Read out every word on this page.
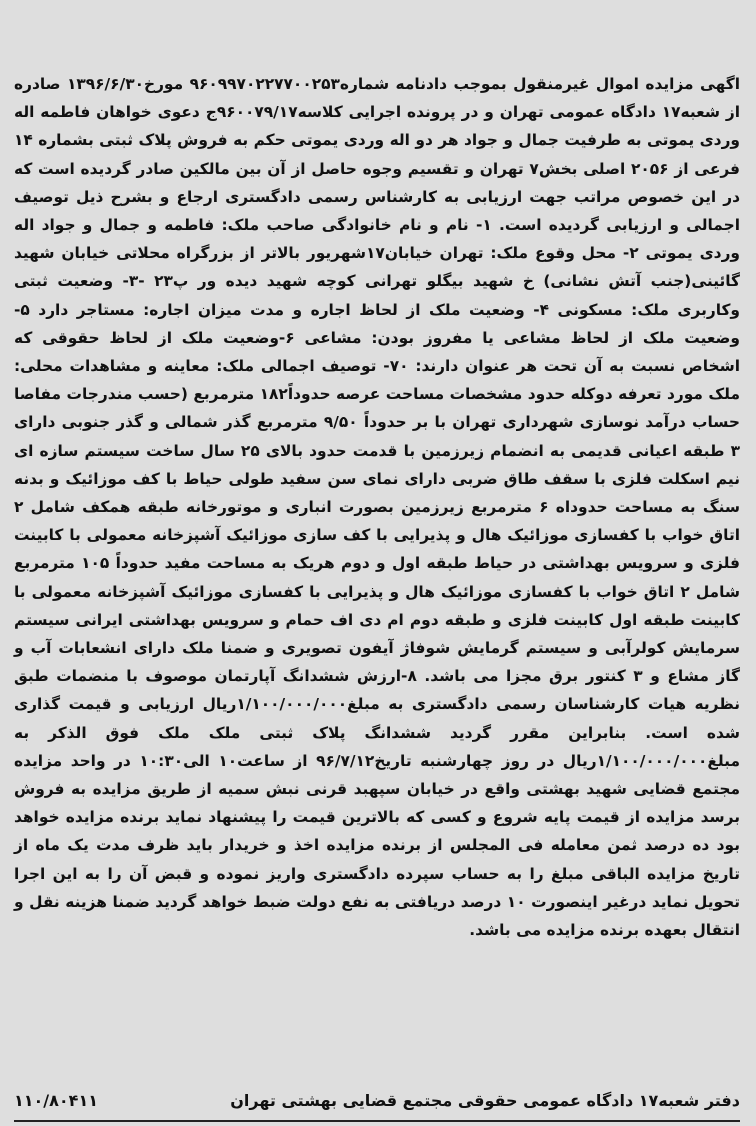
اگهی مزایده اموال غیرمنقول بموجب دادنامه شماره۹۶۰۹۹۷۰۲۲۷۷۰۰۲۵۳ مورخ۱۳۹۶/۶/۳۰ صادره از شعبه۱۷ دادگاه عمومی تهران و در پرونده اجرایی کلاسه۹۶۰۰۷۹/۱۷ج دعوی خواهان فاطمه اله وردی یموتی به طرفیت جمال و جواد هر دو اله وردی یموتی حکم به فروش پلاک ثبتی بشماره ۱۴ فرعی از ۲۰۵۶ اصلی بخش۷ تهران و تقسیم وجوه حاصل از آن بین مالکین صادر گردیده است که در این خصوص مراتب جهت ارزیابی به کارشناس رسمی دادگستری ارجاع و بشرح ذیل توصیف اجمالی و ارزیابی گردیده است. ۱- نام و نام خانوادگی صاحب ملک: فاطمه و جمال و جواد اله وردی یموتی ۲- محل وقوع ملک: تهران خیابان۱۷شهریور بالاتر از بزرگراه محلاتی خیابان شهید گائینی(جنب آتش نشانی) خ شهید بیگلو تهرانی کوچه شهید دیده ور پ۲۳ -۳- وضعیت ثبتی وکاربری ملک: مسکونی ۴- وضعیت ملک از لحاظ اجاره و مدت میزان اجاره: مستاجر دارد ۵-وضعیت ملک از لحاظ مشاعی یا مفروز بودن: مشاعی ۶-وضعیت ملک از لحاظ حقوقی که اشخاص نسبت به آن تحت هر عنوان دارند: ۷۰- توصیف اجمالی ملک: معاینه و مشاهدات محلی: ملک مورد تعرفه دوکله حدود مشخصات مساحت عرصه حدوداً۱۸۲ مترمربع (حسب مندرجات مفاصا حساب درآمد نوسازی شهرداری تهران با بر حدوداً ۹/۵۰ مترمربع گذر شمالی و گذر جنوبی دارای ۳ طبقه اعیانی قدیمی به انضمام زیرزمین با قدمت حدود بالای ۲۵ سال ساخت سیستم سازه ای نیم اسکلت فلزی با سقف طاق ضربی دارای نمای سن سفید طولی حیاط با کف موزائیک و بدنه سنگ به مساحت حدوداه ۶ مترمربع زیرزمین بصورت انباری و موتورخانه طبقه همکف شامل ۲ اتاق خواب با کفسازی موزائیک هال و پذیرایی با کف سازی موزائیک آشپزخانه معمولی با کابینت فلزی و سرویس بهداشتی در حیاط طبقه اول و دوم هریک به مساحت مفید حدوداً ۱۰۵ مترمربع شامل ۲ اتاق خواب با کفسازی موزائیک هال و پذیرایی با کفسازی موزائیک آشپزخانه معمولی با کابینت طبقه اول کابینت فلزی و طبقه دوم ام دی اف حمام و سرویس بهداشتی ایرانی سیستم سرمایش کولرآبی و سیستم گرمایش شوفاژ آیفون تصویری و ضمنا ملک دارای انشعابات آب و گاز مشاع و ۳ کنتور برق مجزا می باشد. ۸-ارزش ششدانگ آپارتمان موصوف با منضمات طبق نظریه هیات کارشناسان رسمی دادگستری به مبلغ۱/۱۰۰/۰۰۰/۰۰۰ریال ارزیابی و قیمت گذاری شده است. بنابراین مقرر گردید ششدانگ پلاک ثبتی ملک ملک فوق الذکر به مبلغ۱/۱۰۰/۰۰۰/۰۰۰ریال در روز چهارشنبه تاریخ۹۶/۷/۱۲ از ساعت۱۰ الی۱۰:۳۰ در واحد مزایده مجتمع قضایی شهید بهشتی واقع در خیابان سپهبد قرنی نبش سمیه از طریق مزایده به فروش برسد مزایده از قیمت پایه شروع و کسی که بالاترین قیمت را پیشنهاد نماید برنده مزایده خواهد بود ده درصد ثمن معامله فی المجلس از برنده مزایده اخذ و خریدار باید ظرف مدت یک ماه از تاریخ مزایده الباقی مبلغ را به حساب سپرده دادگستری واریز نموده و قبض آن را به این اجرا تحویل نماید درغیر اینصورت ۱۰ درصد دریافتی به نفع دولت ضبط خواهد گردید ضمنا هزینه نقل و انتقال بعهده برنده مزایده می باشد.

۱۱۰/۸۰۴۱۱	دفتر شعبه۱۷ دادگاه عمومی حقوقی مجتمع قضایی بهشتی تهران
